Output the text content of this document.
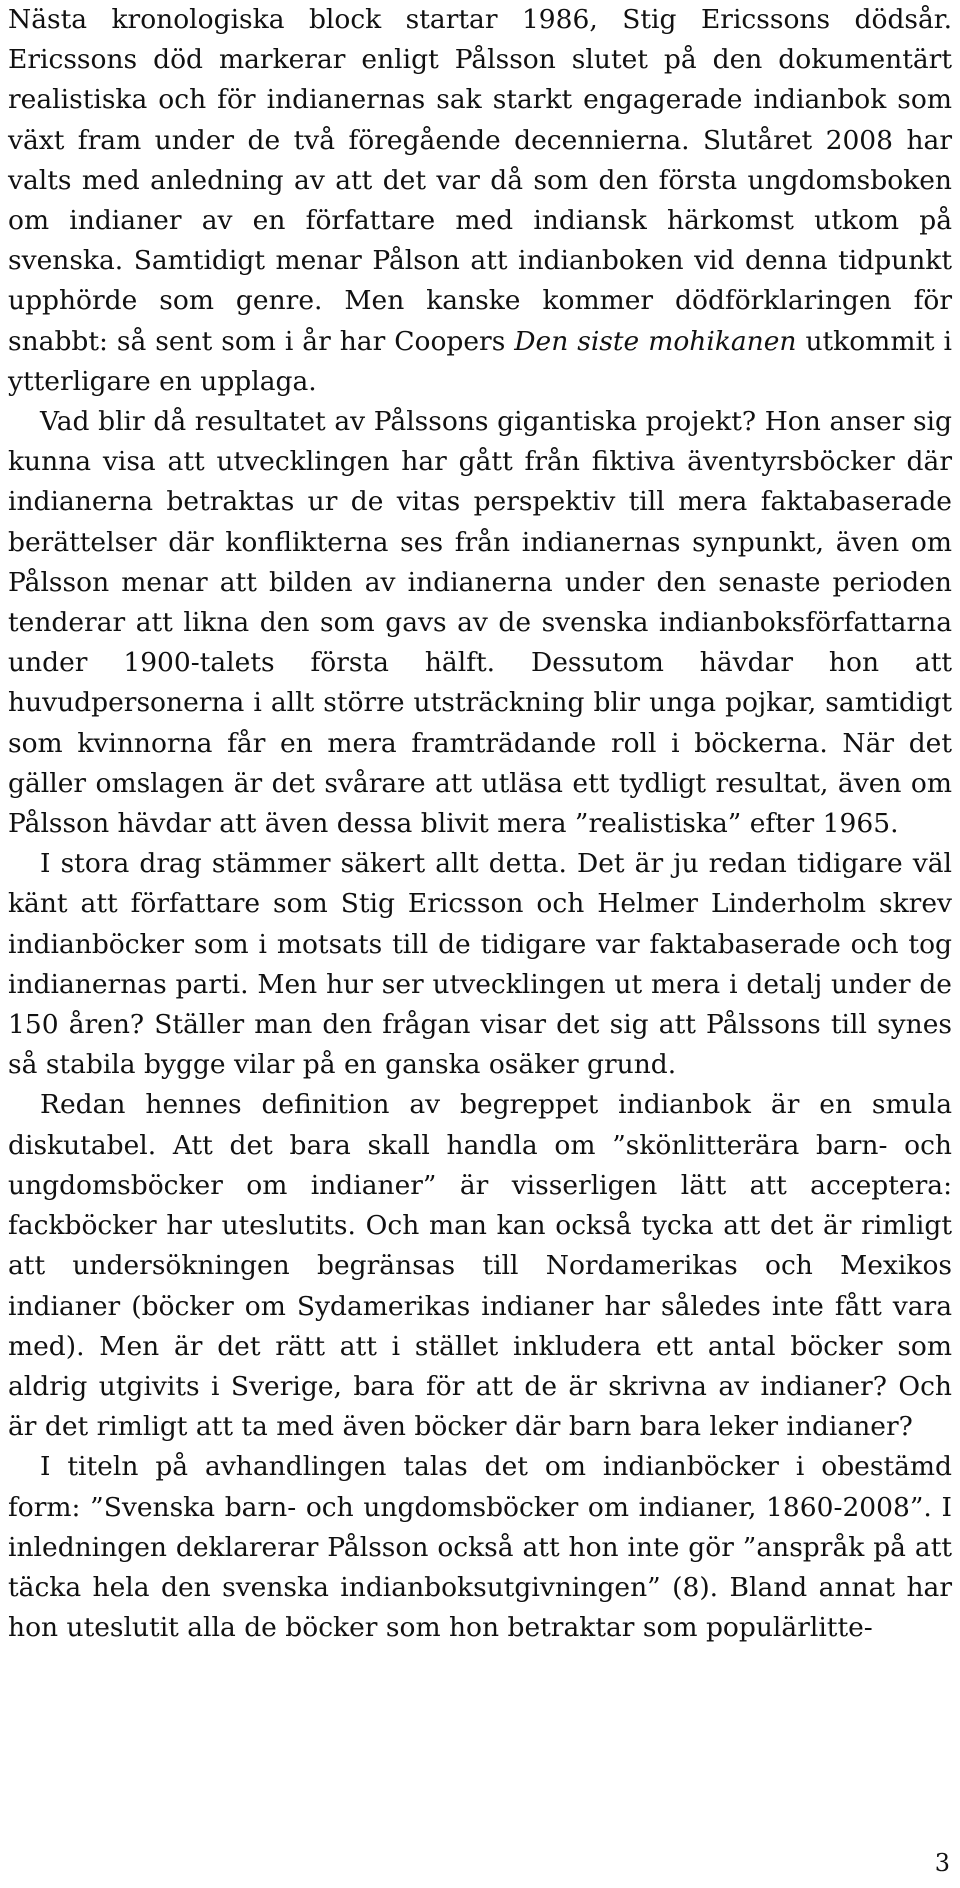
Nästa kronologiska block startar 1986, Stig Ericssons dödsår. Ericssons död markerar enligt Pålsson slutet på den dokumentärt realistiska och för indianernas sak starkt engagerade indianbok som växt fram under de två föregående decennierna. Slutåret 2008 har valts med anledning av att det var då som den första ungdomsboken om indianer av en författare med indiansk härkomst utkom på svenska. Samtidigt menar Pålson att indianboken vid denna tidpunkt upphörde som genre. Men kanske kommer dödförklaringen för snabbt: så sent som i år har Coopers Den siste mohikanen utkommit i ytterligare en upplaga.

Vad blir då resultatet av Pålssons gigantiska projekt? Hon anser sig kunna visa att utvecklingen har gått från fiktiva äventyrsböcker där indianerna betraktas ur de vitas perspektiv till mera faktabaserade berättelser där konflikterna ses från indianernas synpunkt, även om Pålsson menar att bilden av indianerna under den senaste perioden tenderar att likna den som gavs av de svenska indianboksförfattarna under 1900-talets första hälft. Dessutom hävdar hon att huvudpersonerna i allt större utsträckning blir unga pojkar, samtidigt som kvinnorna får en mera framträdande roll i böckerna. När det gäller omslagen är det svårare att utläsa ett tydligt resultat, även om Pålsson hävdar att även dessa blivit mera ”realistiska” efter 1965.

I stora drag stämmer säkert allt detta. Det är ju redan tidigare väl känt att författare som Stig Ericsson och Helmer Linderholm skrev indianböcker som i motsats till de tidigare var faktabaserade och tog indianernas parti. Men hur ser utvecklingen ut mera i detalj under de 150 åren? Ställer man den frågan visar det sig att Pålssons till synes så stabila bygge vilar på en ganska osäker grund.

Redan hennes definition av begreppet indianbok är en smula diskutabel. Att det bara skall handla om ”skönlitterära barn- och ungdomsböcker om indianer” är visserligen lätt att acceptera: fackböcker har uteslutits. Och man kan också tycka att det är rimligt att undersökningen begränsas till Nordamerikas och Mexikos indianer (böcker om Sydamerikas indianer har således inte fått vara med). Men är det rätt att i stället inkludera ett antal böcker som aldrig utgivits i Sverige, bara för att de är skrivna av indianer? Och är det rimligt att ta med även böcker där barn bara leker indianer?

I titeln på avhandlingen talas det om indianböcker i obestämd form: ”Svenska barn- och ungdomsböcker om indianer, 1860-2008”. I inledningen deklarerar Pålsson också att hon inte gör ”anspråk på att täcka hela den svenska indianboksutgivningen” (8). Bland annat har hon uteslutit alla de böcker som hon betraktar som populärlitte-

3
